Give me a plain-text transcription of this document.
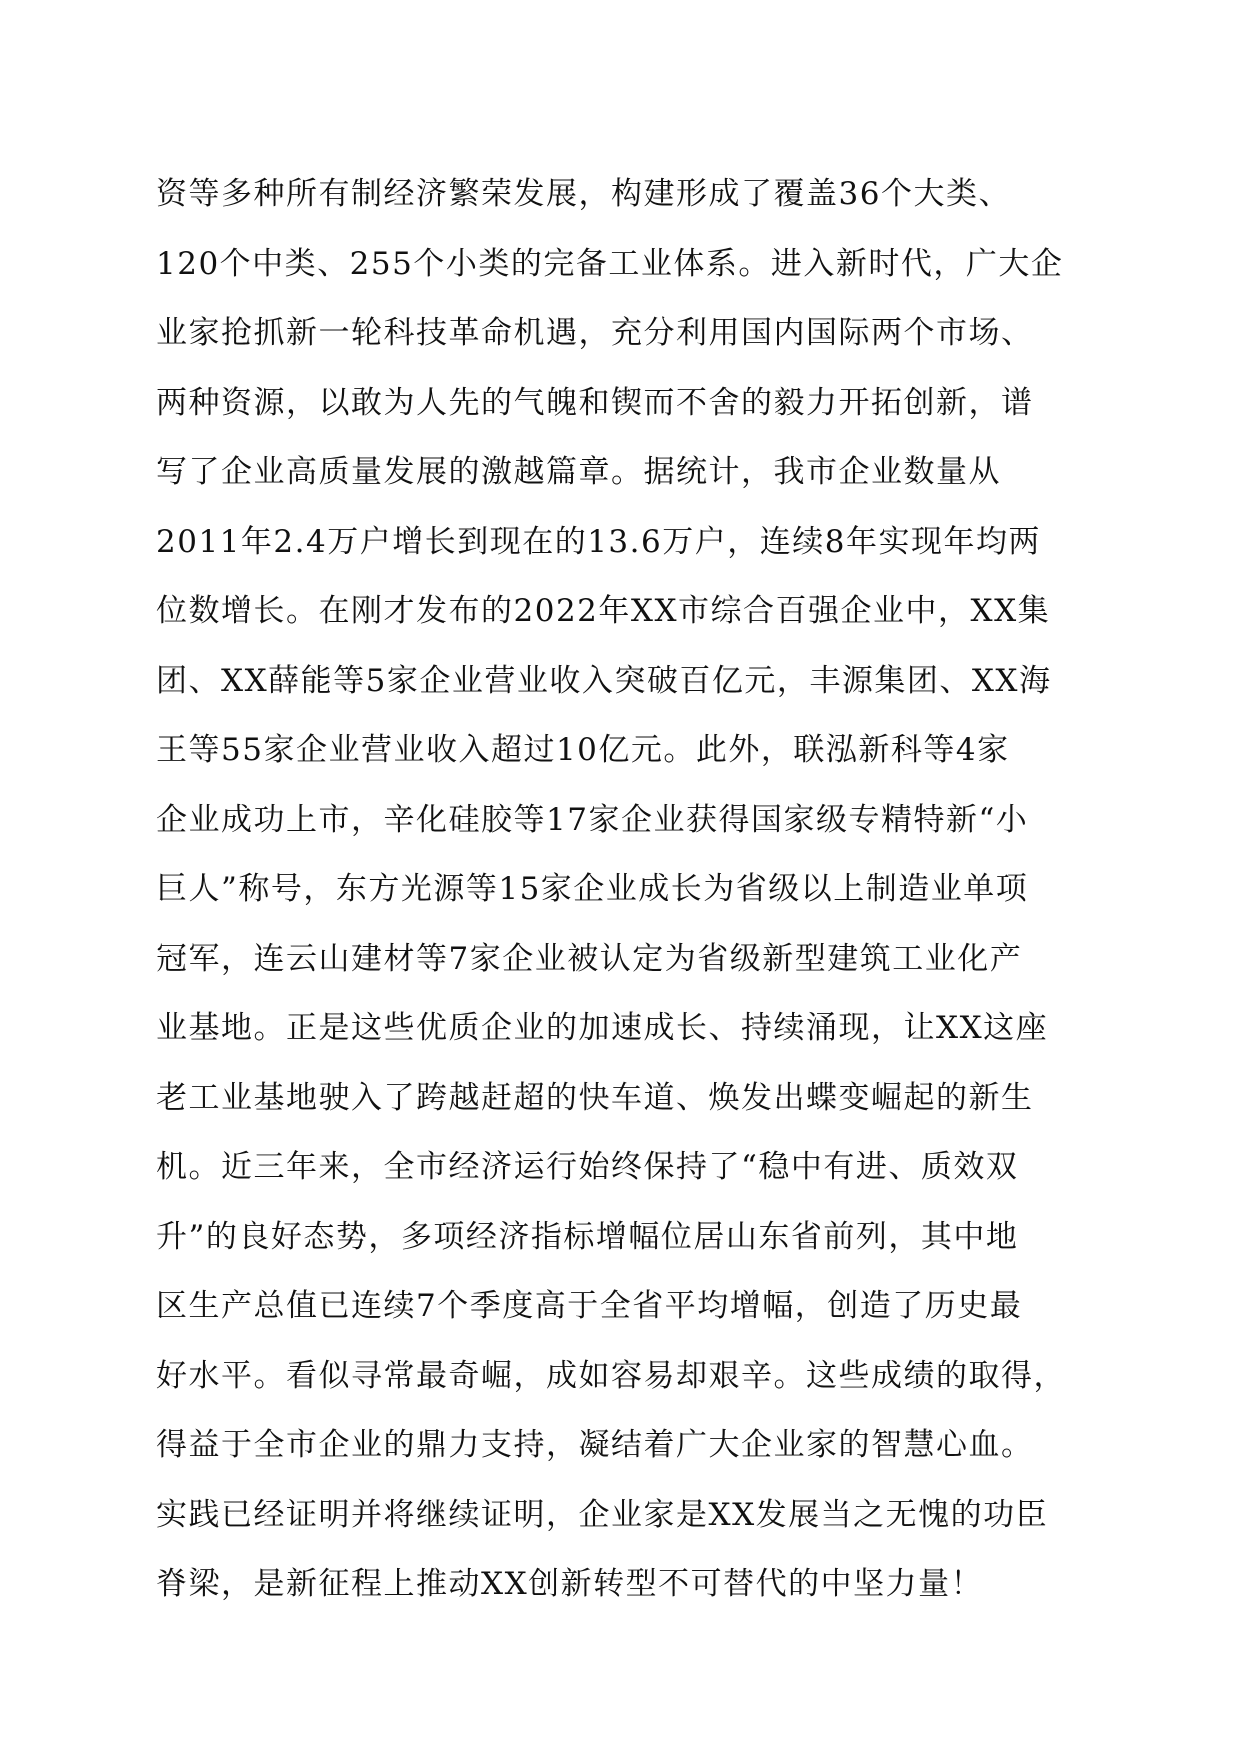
资等多种所有制经济繁荣发展，构建形成了覆盖36个大类、
120个中类、255个小类的完备工业体系。进入新时代，广大企
业家抢抓新一轮科技革命机遇，充分利用国内国际两个市场、
两种资源，以敢为人先的气魄和锲而不舍的毅力开拓创新，谱
写了企业高质量发展的激越篇章。据统计，我市企业数量从
2011年2.4万户增长到现在的13.6万户，连续8年实现年均两
位数增长。在刚才发布的2022年XX市综合百强企业中，XX集
团、XX薛能等5家企业营业收入突破百亿元，丰源集团、XX海
王等55家企业营业收入超过10亿元。此外，联泓新科等4家
企业成功上市，辛化硅胶等17家企业获得国家级专精特新“小
巨人”称号，东方光源等15家企业成长为省级以上制造业单项
冠军，连云山建材等7家企业被认定为省级新型建筑工业化产
业基地。正是这些优质企业的加速成长、持续涌现，让XX这座
老工业基地驶入了跨越赶超的快车道、焕发出蝶变崛起的新生
机。近三年来，全市经济运行始终保持了“稳中有进、质效双
升”的良好态势，多项经济指标增幅位居山东省前列，其中地
区生产总值已连续7个季度高于全省平均增幅，创造了历史最
好水平。看似寻常最奇崛，成如容易却艰辛。这些成绩的取得，
得益于全市企业的鼎力支持，凝结着广大企业家的智慧心血。
实践已经证明并将继续证明，企业家是XX发展当之无愧的功臣
脊梁，是新征程上推动XX创新转型不可替代的中坚力量！
